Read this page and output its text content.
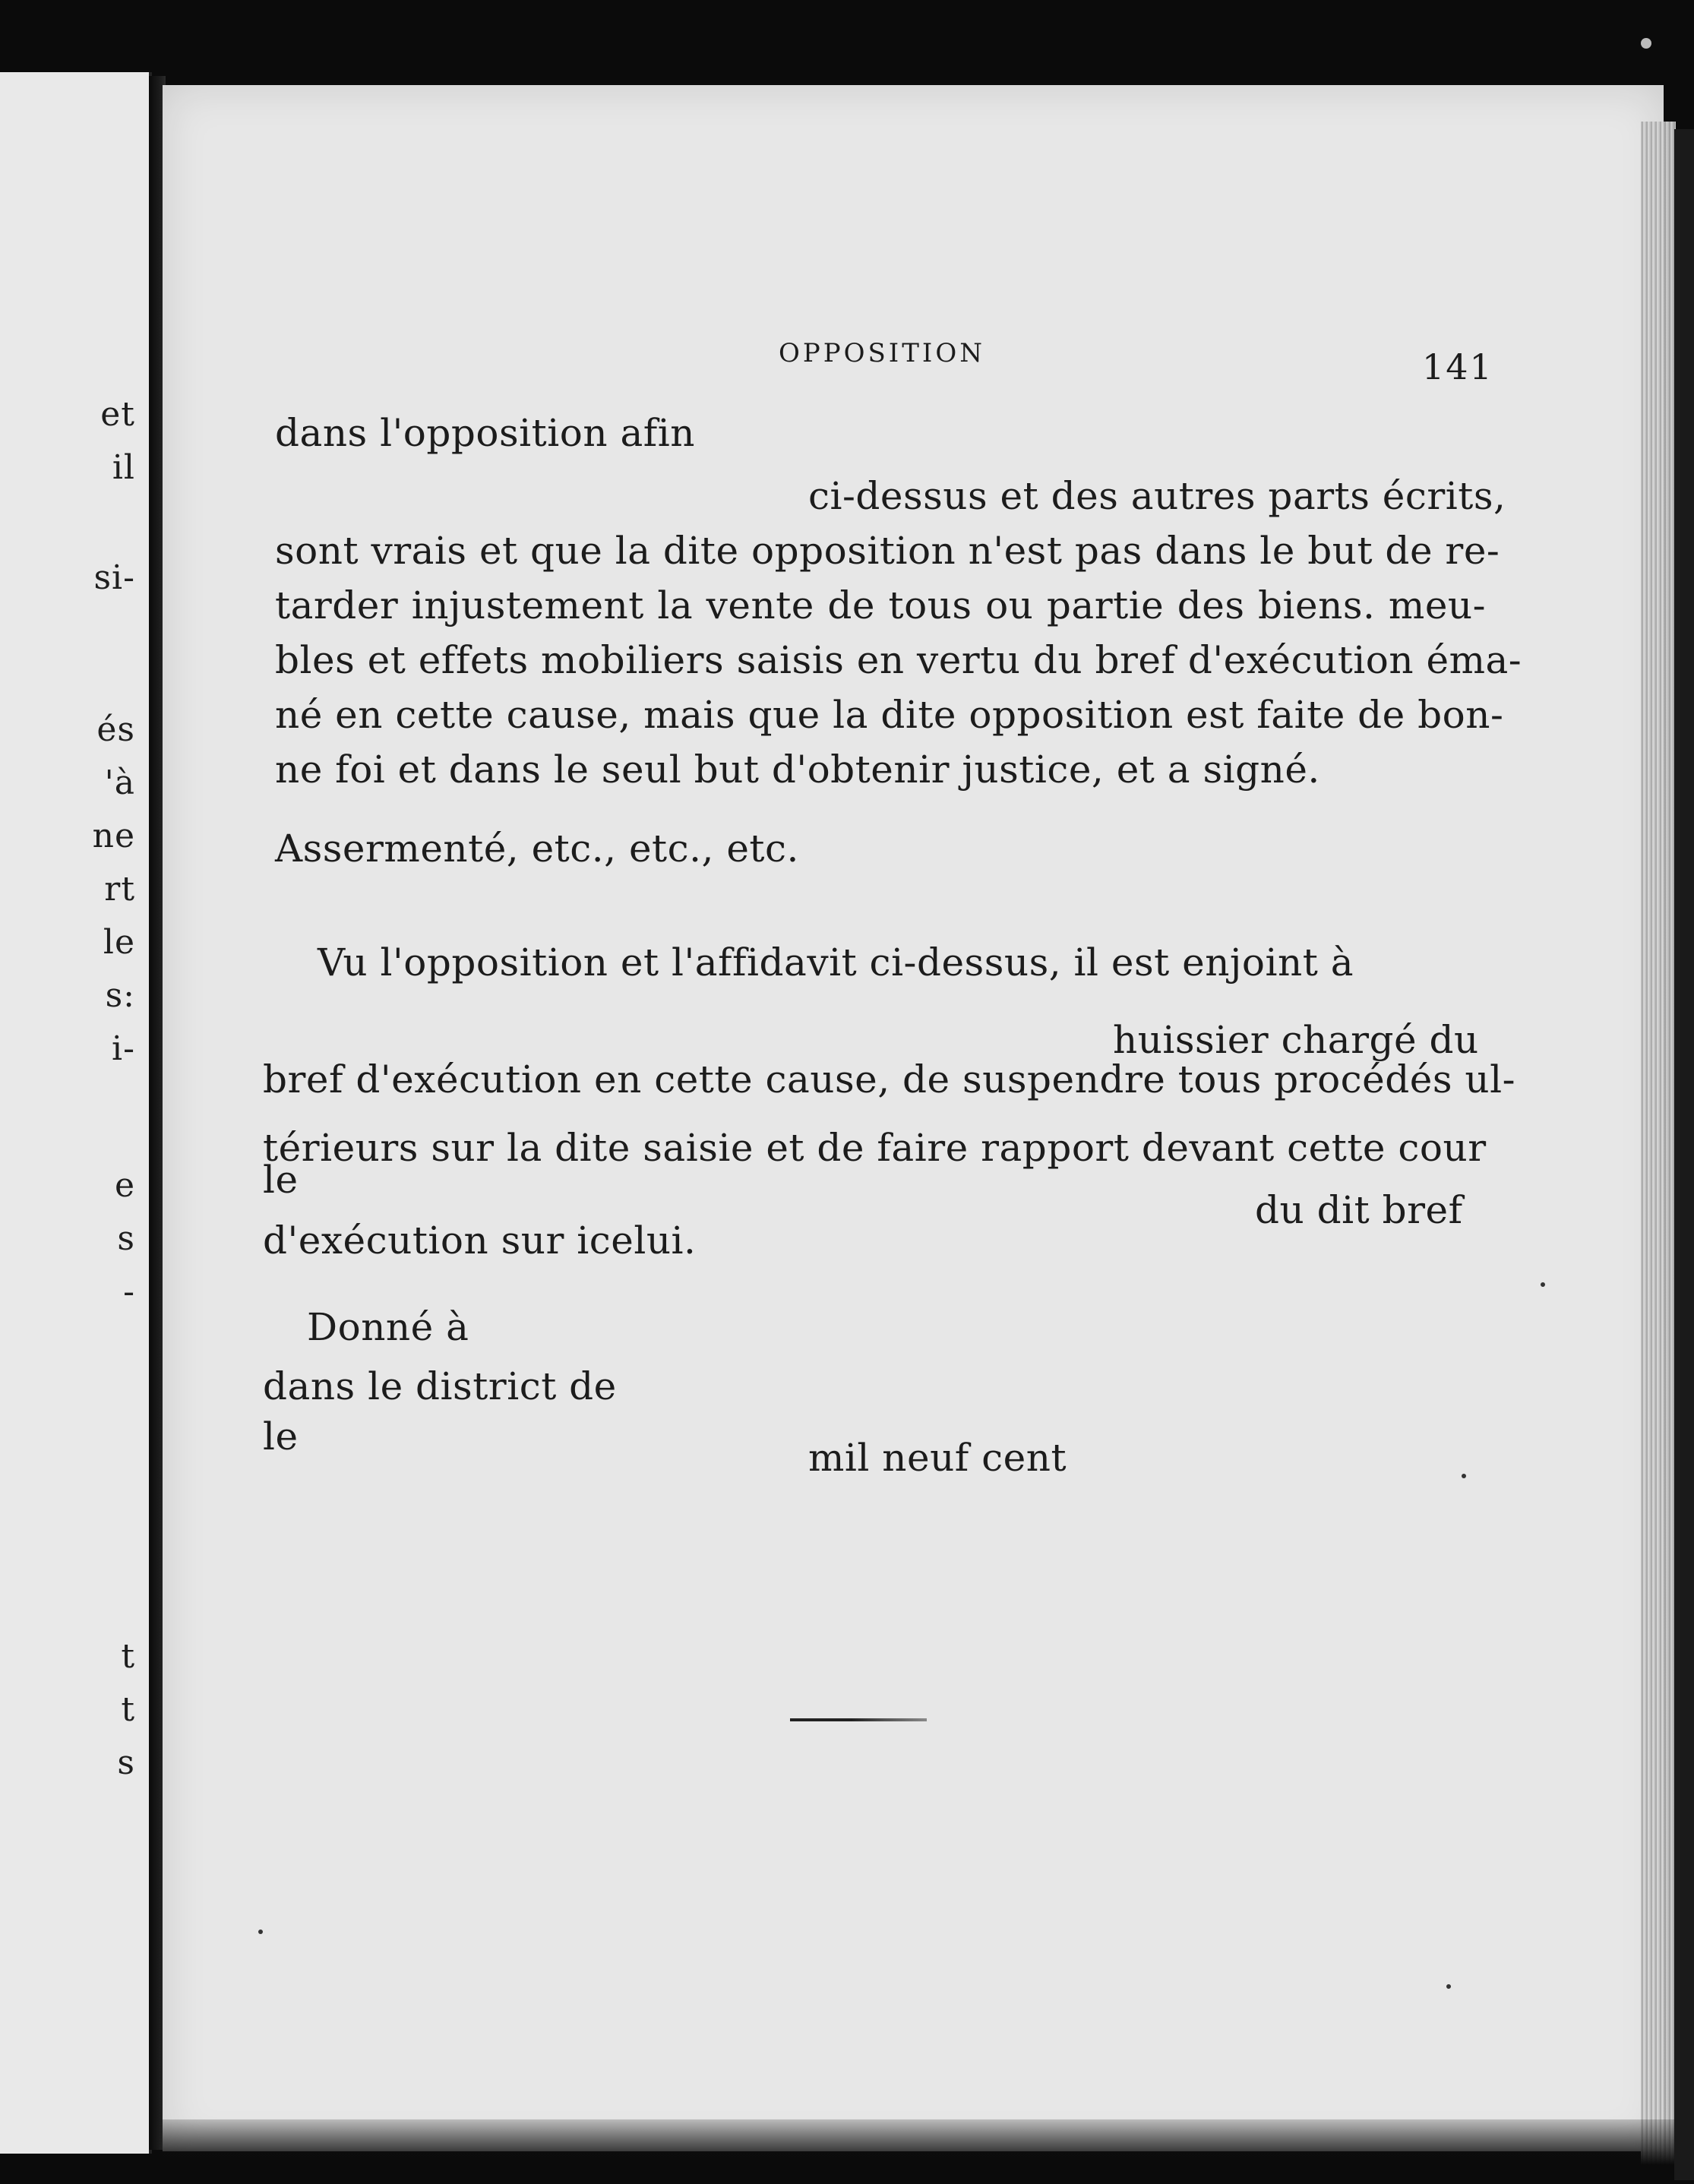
et
il
si-
és
'à
ne
rt
le
s:
i-
e
s
-
t
t
s
OPPOSITION	141
dans l'opposition afin
ci-dessus et des autres parts écrits,
sont vrais et que la dite opposition n'est pas dans le but de re-
tarder injustement la vente de tous ou partie des biens. meu-
bles et effets mobiliers saisis en vertu du bref d'exécution éma-
né en cette cause, mais que la dite opposition est faite de bon-
ne foi et dans le seul but d'obtenir justice, et a signé.
Assermenté, etc., etc., etc.
Vu l'opposition et l'affidavit ci-dessus, il est enjoint à
huissier chargé du
bref d'exécution en cette cause, de suspendre tous procédés ul-
térieurs sur la dite saisie et de faire rapport devant cette cour
le
du dit bref
d'exécution sur icelui.
Donné à
dans le district de
le	mil neuf cent
